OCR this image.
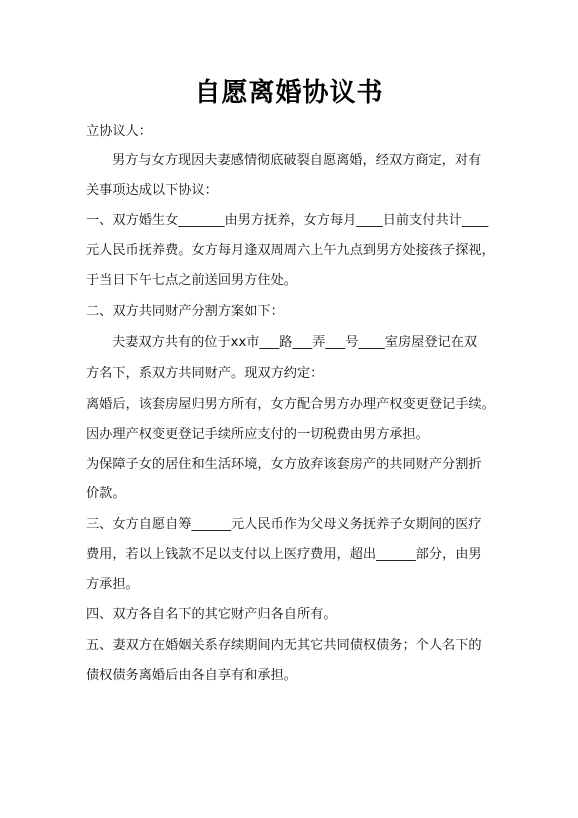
自愿离婚协议书
立协议人：
男方与女方现因夫妻感情彻底破裂自愿离婚，经双方商定，对有
关事项达成以下协议：
一、双方婚生女_______由男方抚养，女方每月____日前支付共计____
元人民币抚养费。女方每月逢双周周六上午九点到男方处接孩子探视，
于当日下午七点之前送回男方住处。
二、双方共同财产分割方案如下：
夫妻双方共有的位于xx市___路___弄___号____室房屋登记在双
方名下，系双方共同财产。现双方约定：
离婚后，该套房屋归男方所有，女方配合男方办理产权变更登记手续。
因办理产权变更登记手续所应支付的一切税费由男方承担。
为保障子女的居住和生活环境，女方放弃该套房产的共同财产分割折
价款。
三、女方自愿自筹______元人民币作为父母义务抚养子女期间的医疗
费用，若以上钱款不足以支付以上医疗费用，超出______部分，由男
方承担。
四、双方各自名下的其它财产归各自所有。
五、妻双方在婚姻关系存续期间内无其它共同债权债务；个人名下的
债权债务离婚后由各自享有和承担。
